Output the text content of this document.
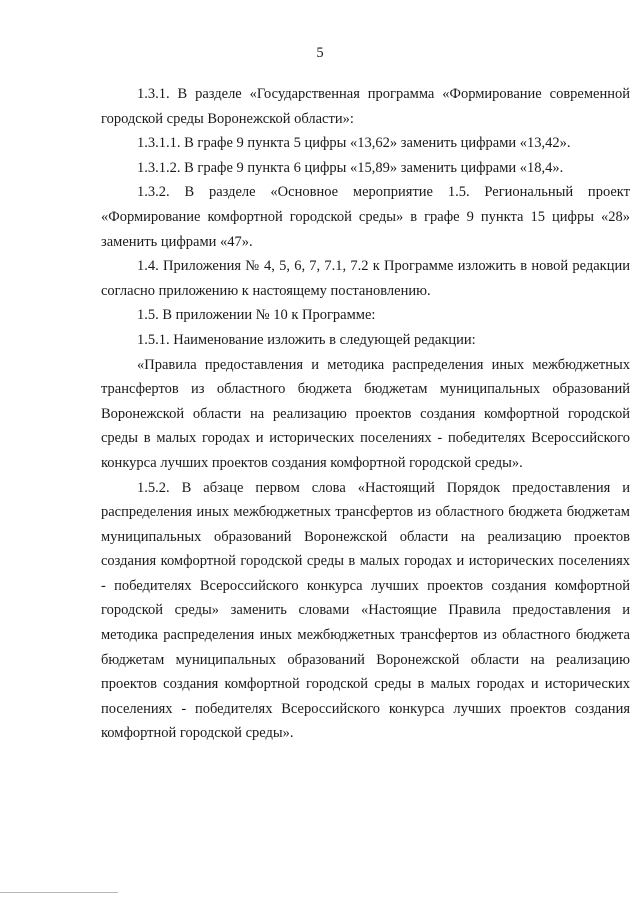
5

1.3.1. В разделе «Государственная программа «Формирование современной городской среды Воронежской области»:

1.3.1.1. В графе 9 пункта 5 цифры «13,62» заменить цифрами «13,42».

1.3.1.2. В графе 9 пункта 6 цифры «15,89» заменить цифрами «18,4».

1.3.2. В разделе «Основное мероприятие 1.5. Региональный проект «Формирование комфортной городской среды» в графе 9 пункта 15 цифры «28» заменить цифрами «47».

1.4. Приложения № 4, 5, 6, 7, 7.1, 7.2 к Программе изложить в новой редакции согласно приложению к настоящему постановлению.

1.5. В приложении № 10 к Программе:

1.5.1. Наименование изложить в следующей редакции:

«Правила предоставления и методика распределения иных межбюджетных трансфертов из областного бюджета бюджетам муниципальных образований Воронежской области на реализацию проектов создания комфортной городской среды в малых городах и исторических поселениях - победителях Всероссийского конкурса лучших проектов создания комфортной городской среды».

1.5.2. В абзаце первом слова «Настоящий Порядок предоставления и распределения иных межбюджетных трансфертов из областного бюджета бюджетам муниципальных образований Воронежской области на реализацию проектов создания комфортной городской среды в малых городах и исторических поселениях - победителях Всероссийского конкурса лучших проектов создания комфортной городской среды» заменить словами «Настоящие Правила предоставления и методика распределения иных межбюджетных трансфертов из областного бюджета бюджетам муниципальных образований Воронежской области на реализацию проектов создания комфортной городской среды в малых городах и исторических поселениях - победителях Всероссийского конкурса лучших проектов создания комфортной городской среды».
